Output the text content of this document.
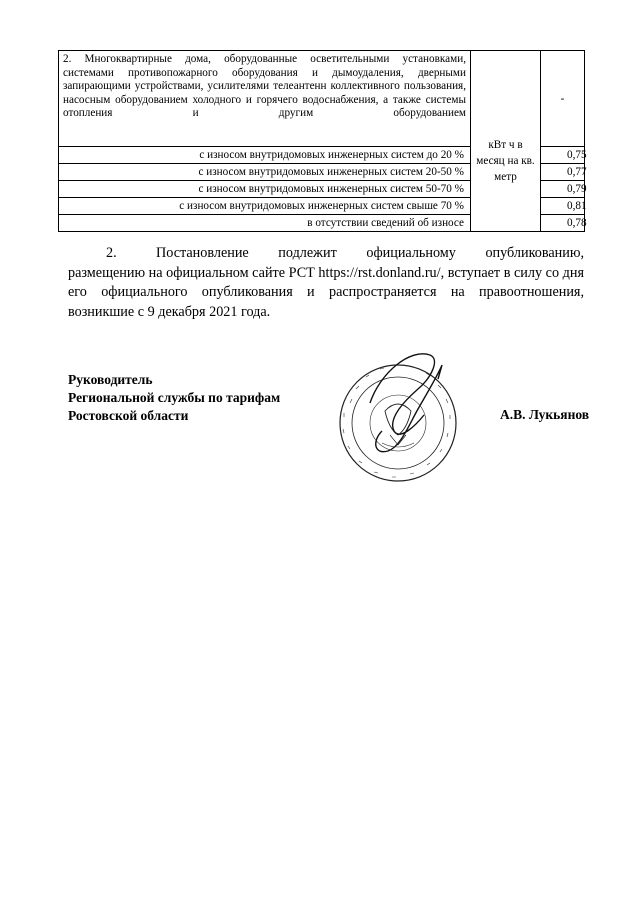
2. Многоквартирные дома, оборудованные осветительными установками, системами противопожарного оборудования и дымоудаления, дверными запирающими устройствами, усилителями телеантенн коллективного пользования, насосным оборудованием холодного и горячего водоснабжения, а также системы отопления и другим оборудованием	кВт ч в месяц на кв. метр	-
с износом внутридомовых инженерных систем до 20 %		0,75
с износом внутридомовых инженерных систем 20-50 %		0,77
с износом внутридомовых инженерных систем 50-70 %		0,79
с износом внутридомовых инженерных систем свыше 70 %		0,81
в отсутствии сведений об износе		0,78

2.	Постановление подлежит официальному опубликованию, размещению на официальном сайте РСТ https://rst.donland.ru/, вступает в силу со дня его официального опубликования и распространяется на правоотношения, возникшие с 9 декабря 2021 года.

Руководитель
Региональной службы по тарифам
Ростовской области	А.В. Лукьянов
